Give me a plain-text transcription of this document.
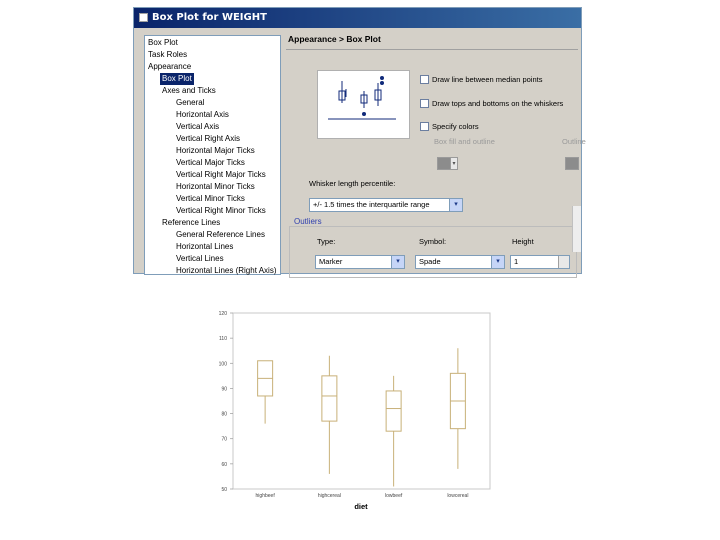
Box Plot for WEIGHT
Box Plot
Task Roles
Appearance
Box Plot
Axes and Ticks
General
Horizontal Axis
Vertical Axis
Vertical Right Axis
Horizontal Major Ticks
Vertical Major Ticks
Vertical Right Major Ticks
Horizontal Minor Ticks
Vertical Minor Ticks
Vertical Right Minor Ticks
Reference Lines
General Reference Lines
Horizontal Lines
Vertical Lines
Horizontal Lines (Right Axis)
Appearance > Box Plot
Draw line between median points
Draw tops and bottoms on the whiskers
Specify colors
Box fill and outline	Outline
▾
Whisker length percentile:
+/- 1.5 times the interquartile range	▾
Outliers
Type:	Symbol:	Height
Marker	▾	Spade	▾	1
50
60
70
80
90
100
110
120
highbeef	highcereal	lowbeef	lowcereal
diet
